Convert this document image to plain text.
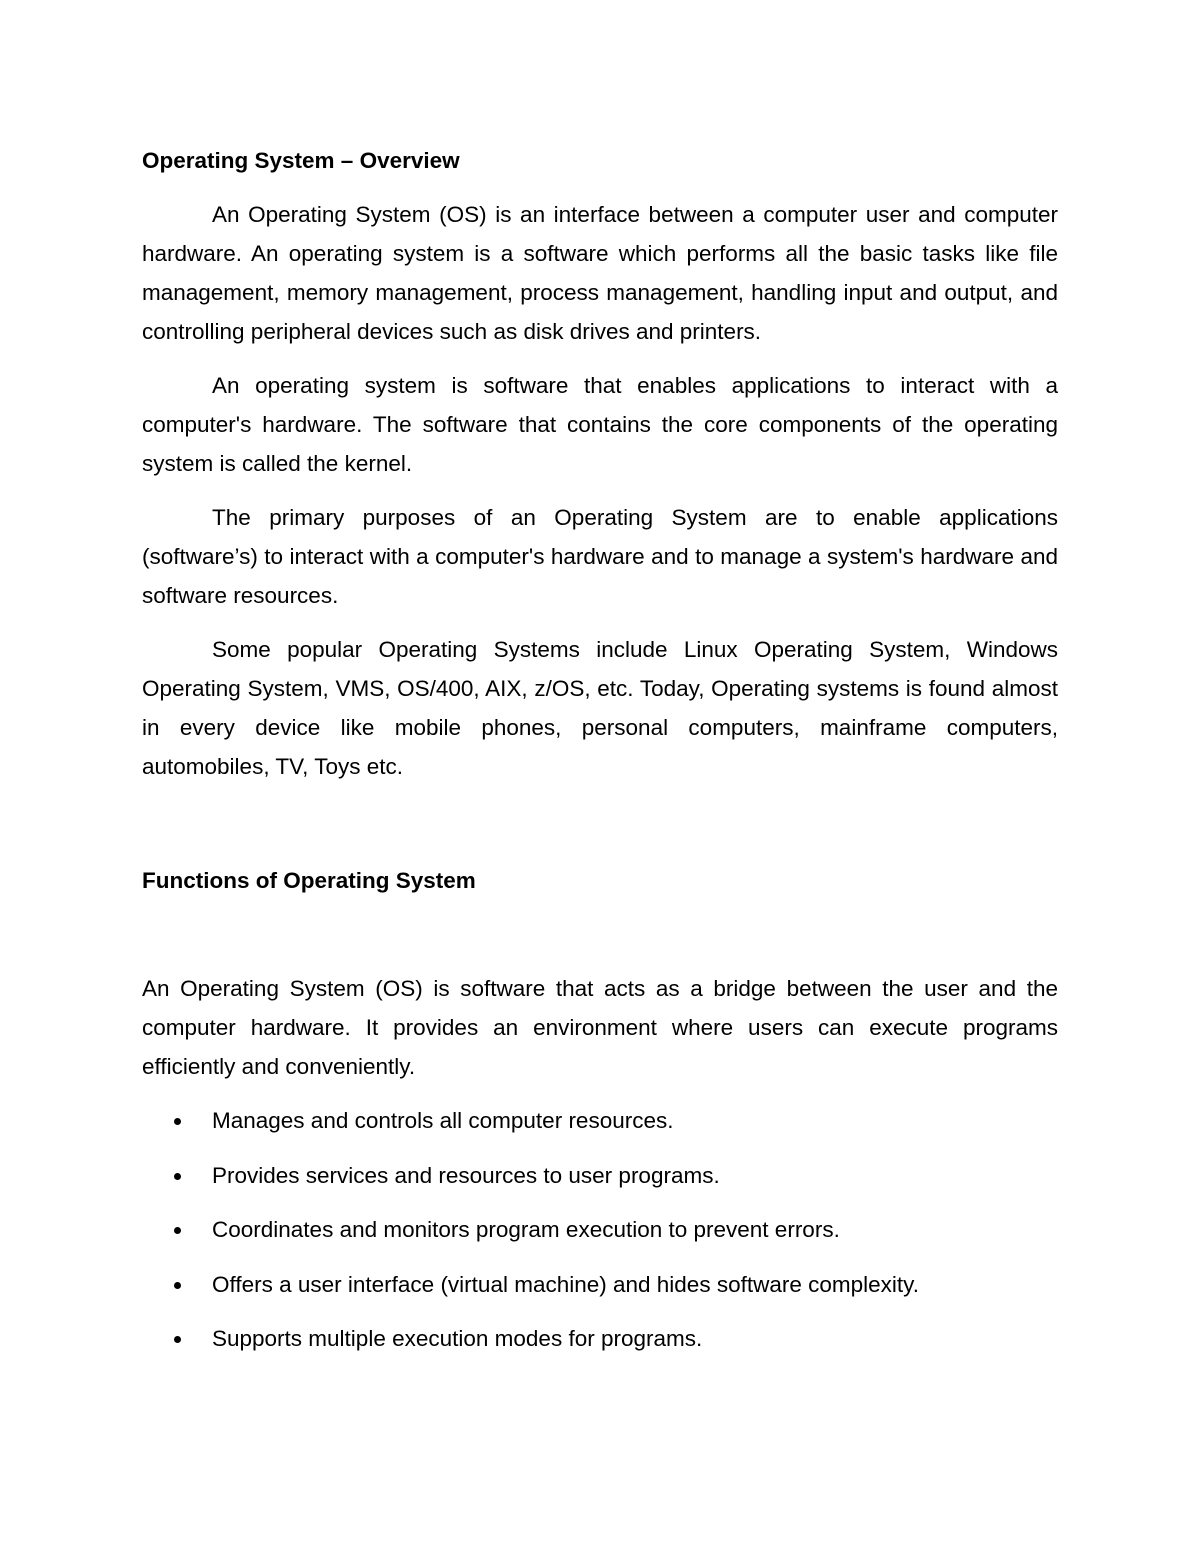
Operating System – Overview

An Operating System (OS) is an interface between a computer user and computer hardware. An operating system is a software which performs all the basic tasks like file management, memory management, process management, handling input and output, and controlling peripheral devices such as disk drives and printers.

An operating system is software that enables applications to interact with a computer's hardware. The software that contains the core components of the operating system is called the kernel.

The primary purposes of an Operating System are to enable applications (software’s) to interact with a computer's hardware and to manage a system's hardware and software resources.

Some popular Operating Systems include Linux Operating System, Windows Operating System, VMS, OS/400, AIX, z/OS, etc. Today, Operating systems is found almost in every device like mobile phones, personal computers, mainframe computers, automobiles, TV, Toys etc.

Functions of Operating System

An Operating System (OS) is software that acts as a bridge between the user and the computer hardware. It provides an environment where users can execute programs efficiently and conveniently.

Manages and controls all computer resources.
Provides services and resources to user programs.
Coordinates and monitors program execution to prevent errors.
Offers a user interface (virtual machine) and hides software complexity.
Supports multiple execution modes for programs.
